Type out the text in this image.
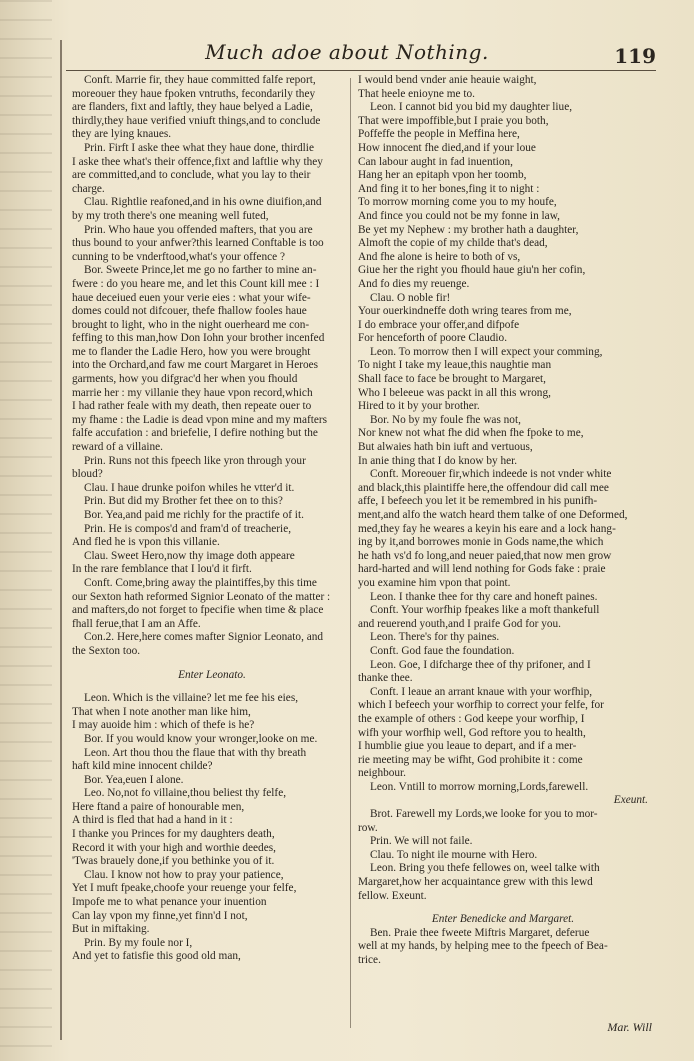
Much adoe about Nothing.	119
Conft. Marrie fir, they haue committed falfe report,
moreouer they haue fpoken vntruths, fecondarily they
are flanders, fixt and laftly, they haue belyed a Ladie,
thirdly,they haue verified vniuft things,and to conclude
they are lying knaues.
Prin. Firft I aske thee what they haue done, thirdlie
I aske thee what's their offence,fixt and laftlie why they
are committed,and to conclude, what you lay to their
charge.
Clau. Rightlie reafoned,and in his owne diuifion,and
by my troth there's one meaning well futed,
Prin. Who haue you offended mafters, that you are
thus bound to your anfwer?this learned Conftable is too
cunning to be vnderftood,what's your offence ?
Bor. Sweete Prince,let me go no farther to mine an-
fwere : do you heare me, and let this Count kill mee : I
haue deceiued euen your verie eies : what your wife-
domes could not difcouer, thefe fhallow fooles haue
brought to light, who in the night ouerheard me con-
feffing to this man,how Don Iohn your brother incenfed
me to flander the Ladie Hero, how you were brought
into the Orchard,and faw me court Margaret in Heroes
garments, how you difgrac'd her when you fhould
marrie her : my villanie they haue vpon record,which
I had rather feale with my death, then repeate ouer to
my fhame : the Ladie is dead vpon mine and my mafters
falfe accufation : and briefelie, I defire nothing but the
reward of a villaine.
Prin. Runs not this fpeech like yron through your
bloud?
Clau. I haue drunke poifon whiles he vtter'd it.
Prin. But did my Brother fet thee on to this?
Bor. Yea,and paid me richly for the practife of it.
Prin. He is compos'd and fram'd of treacherie,
And fled he is vpon this villanie.
Clau. Sweet Hero,now thy image doth appeare
In the rare femblance that I lou'd it firft.
Conft. Come,bring away the plaintiffes,by this time
our Sexton hath reformed Signior Leonato of the matter :
and mafters,do not forget to fpecifie when time & place
fhall ferue,that I am an Affe.
Con.2. Here,here comes mafter Signior Leonato, and
the Sexton too.
Enter Leonato.
Leon. Which is the villaine? let me fee his eies,
That when I note another man like him,
I may auoide him : which of thefe is he?
Bor. If you would know your wronger,looke on me.
Leon. Art thou thou the flaue that with thy breath
haft kild mine innocent childe?
Bor. Yea,euen I alone.
Leo. No,not fo villaine,thou beliest thy felfe,
Here ftand a paire of honourable men,
A third is fled that had a hand in it :
I thanke you Princes for my daughters death,
Record it with your high and worthie deedes,
'Twas brauely done,if you bethinke you of it.
Clau. I know not how to pray your patience,
Yet I muft fpeake,choofe your reuenge your felfe,
Impofe me to what penance your inuention
Can lay vpon my finne,yet finn'd I not,
But in miftaking.
Prin. By my foule nor I,
And yet to fatisfie this good old man,
I would bend vnder anie heauie waight,
That heele enioyne me to.
Leon. I cannot bid you bid my daughter liue,
That were impoffible,but I praie you both,
Poffeffe the people in Meffina here,
How innocent fhe died,and if your loue
Can labour aught in fad inuention,
Hang her an epitaph vpon her toomb,
And fing it to her bones,fing it to night :
To morrow morning come you to my houfe,
And fince you could not be my fonne in law,
Be yet my Nephew : my brother hath a daughter,
Almoft the copie of my childe that's dead,
And fhe alone is heire to both of vs,
Giue her the right you fhould haue giu'n her cofin,
And fo dies my reuenge.
Clau. O noble fir!
Your ouerkindneffe doth wring teares from me,
I do embrace your offer,and difpofe
For henceforth of poore Claudio.
Leon. To morrow then I will expect your comming,
To night I take my leaue,this naughtie man
Shall face to face be brought to Margaret,
Who I beleeue was packt in all this wrong,
Hired to it by your brother.
Bor. No by my foule fhe was not,
Nor knew not what fhe did when fhe fpoke to me,
But alwaies hath bin iuft and vertuous,
In anie thing that I do know by her.
Conft. Moreouer fir,which indeede is not vnder white
and black,this plaintiffe here,the offendour did call mee
affe, I befeech you let it be remembred in his punifh-
ment,and alfo the watch heard them talke of one Deformed,
med,they fay he weares a keyin his eare and a lock hang-
ing by it,and borrowes monie in Gods name,the which
he hath vs'd fo long,and neuer paied,that now men grow
hard-harted and will lend nothing for Gods fake : praie
you examine him vpon that point.
Leon. I thanke thee for thy care and honeft paines.
Conft. Your worfhip fpeakes like a moft thankefull
and reuerend youth,and I praife God for you.
Leon. There's for thy paines.
Conft. God faue the foundation.
Leon. Goe, I difcharge thee of thy prifoner, and I
thanke thee.
Conft. I leaue an arrant knaue with your worfhip,
which I befeech your worfhip to correct your felfe, for
the example of others : God keepe your worfhip, I
wifh your worfhip well, God reftore you to health,
I humblie giue you leaue to depart, and if a mer-
rie meeting may be wifht, God prohibite it : come
neighbour.
Leon. Vntill to morrow morning,Lords,farewell.
Exeunt.
Brot. Farewell my Lords,we looke for you to mor-
row.
Prin. We will not faile.
Clau. To night ile mourne with Hero.
Leon. Bring you thefe fellowes on, weel talke with
Margaret,how her acquaintance grew with this lewd
fellow. Exeunt.
Enter Benedicke and Margaret.
Ben. Praie thee fweete Miftris Margaret, deferue
well at my hands, by helping mee to the fpeech of Bea-
trice.
Mar. Will
